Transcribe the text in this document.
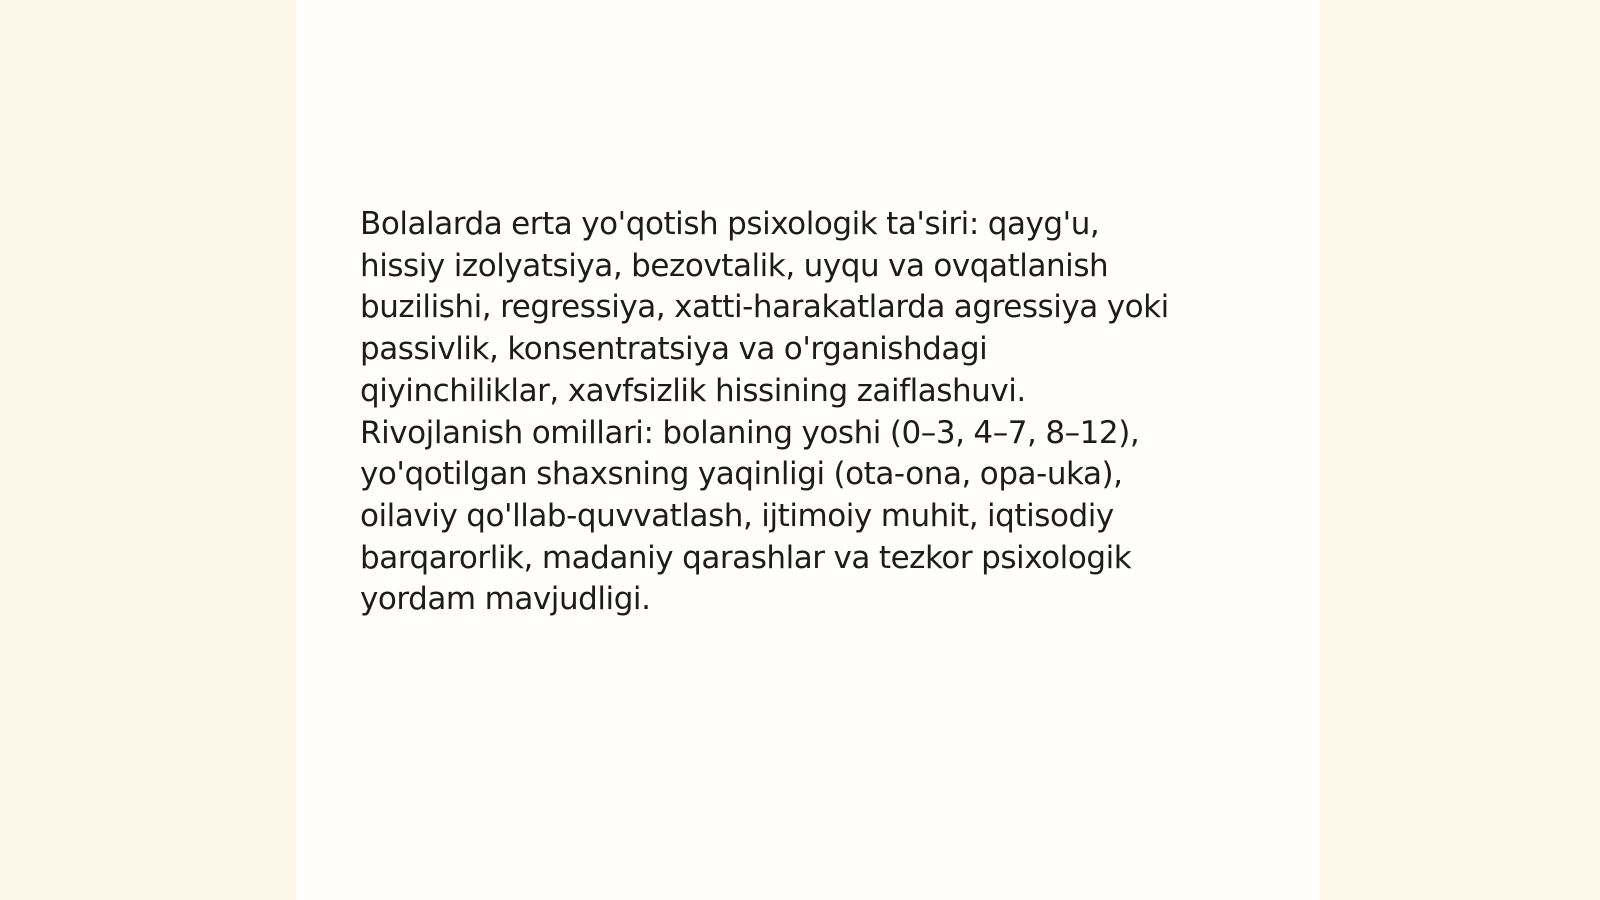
Bolalarda erta yo'qotish psixologik ta'siri: qayg'u,
hissiy izolyatsiya, bezovtalik, uyqu va ovqatlanish
buzilishi, regressiya, xatti-harakatlarda agressiya yoki
passivlik, konsentratsiya va o'rganishdagi
qiyinchiliklar, xavfsizlik hissining zaiflashuvi.
Rivojlanish omillari: bolaning yoshi (0–3, 4–7, 8–12),
yo'qotilgan shaxsning yaqinligi (ota-ona, opa-uka),
oilaviy qo'llab-quvvatlash, ijtimoiy muhit, iqtisodiy
barqarorlik, madaniy qarashlar va tezkor psixologik
yordam mavjudligi.
